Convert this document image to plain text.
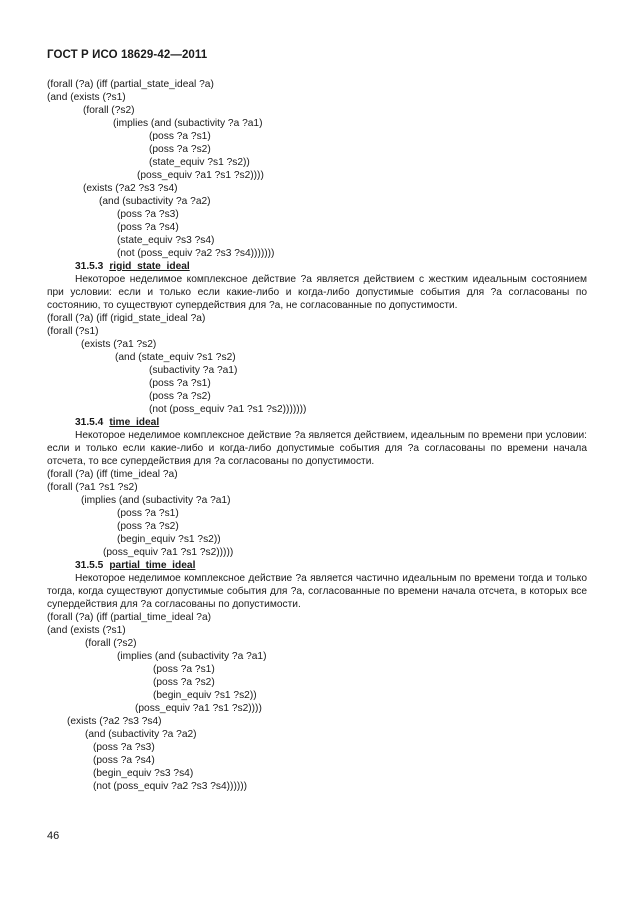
ГОСТ Р ИСО 18629-42—2011
(forall (?a) (iff (partial_state_ideal ?a)
(and (exists (?s1)
(forall (?s2)
(implies (and (subactivity ?a ?a1)
(poss ?a ?s1)
(poss ?a ?s2)
(state_equiv ?s1 ?s2))
(poss_equiv ?a1 ?s1 ?s2))))
(exists (?a2 ?s3 ?s4)
(and (subactivity ?a ?a2)
(poss ?a ?s3)
(poss ?a ?s4)
(state_equiv ?s3 ?s4)
(not (poss_equiv ?a2 ?s3 ?s4)))))))
31.5.3 rigid_state_ideal
Некоторое неделимое комплексное действие ?a является действием с жестким идеальным состоянием при условии: если и только если какие-либо и когда-либо допустимые события для ?a согласованы по состоянию, то существуют супердействия для ?a, не согласованные по допустимости.
(forall (?a) (iff (rigid_state_ideal ?a)
(forall (?s1)
(exists (?a1 ?s2)
(and (state_equiv ?s1 ?s2)
(subactivity ?a ?a1)
(poss ?a ?s1)
(poss ?a ?s2)
(not (poss_equiv ?a1 ?s1 ?s2)))))))
31.5.4 time_ideal
Некоторое неделимое комплексное действие ?a является действием, идеальным по времени при условии: если и только если какие-либо и когда-либо допустимые события для ?a согласованы по времени начала отсчета, то все супердействия для ?a согласованы по допустимости.
(forall (?a) (iff (time_ideal ?a)
(forall (?a1 ?s1 ?s2)
(implies (and (subactivity ?a ?a1)
(poss ?a ?s1)
(poss ?a ?s2)
(begin_equiv ?s1 ?s2))
(poss_equiv ?a1 ?s1 ?s2)))))
31.5.5 partial_time_ideal
Некоторое неделимое комплексное действие ?a является частично идеальным по времени тогда и только тогда, когда существуют допустимые события для ?a, согласованные по времени начала отсчета, в которых все супердействия для ?a согласованы по допустимости.
(forall (?a) (iff (partial_time_ideal ?a)
(and (exists (?s1)
(forall (?s2)
(implies (and (subactivity ?a ?a1)
(poss ?a ?s1)
(poss ?a ?s2)
(begin_equiv ?s1 ?s2))
(poss_equiv ?a1 ?s1 ?s2))))
(exists (?a2 ?s3 ?s4)
(and (subactivity ?a ?a2)
(poss ?a ?s3)
(poss ?a ?s4)
(begin_equiv ?s3 ?s4)
(not (poss_equiv ?a2 ?s3 ?s4))))))
46
